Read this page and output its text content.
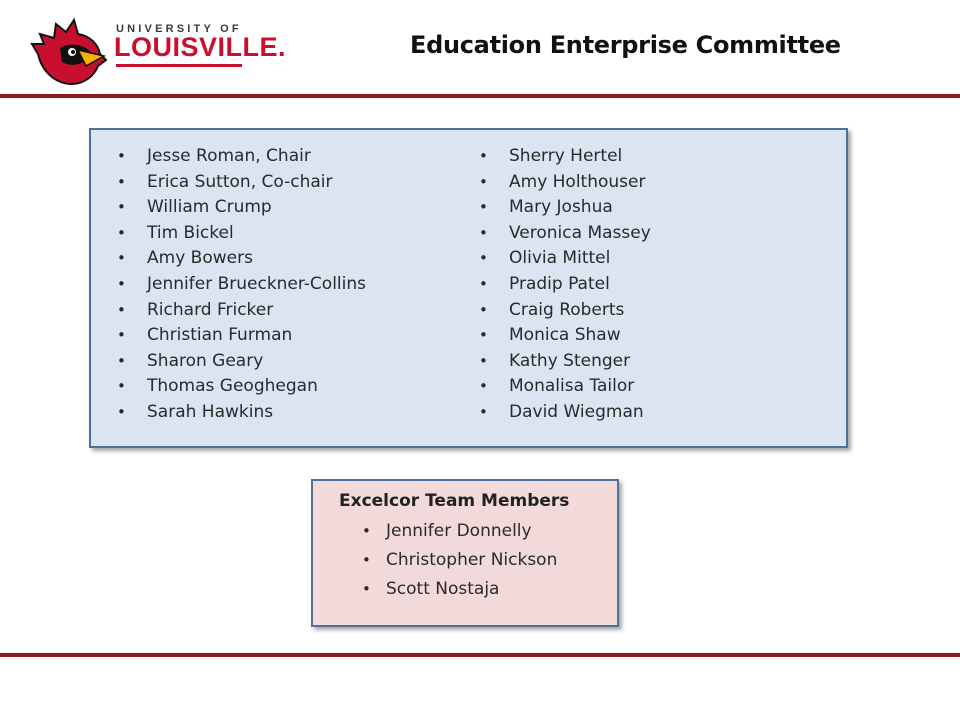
UNIVERSITY OF
LOUISVILLE.	Education Enterprise Committee
• Jesse Roman, Chair
• Erica Sutton, Co-chair
• William Crump
• Tim Bickel
• Amy Bowers
• Jennifer Brueckner-Collins
• Richard Fricker
• Christian Furman
• Sharon Geary
• Thomas Geoghegan
• Sarah Hawkins
• Sherry Hertel
• Amy Holthouser
• Mary Joshua
• Veronica Massey
• Olivia Mittel
• Pradip Patel
• Craig Roberts
• Monica Shaw
• Kathy Stenger
• Monalisa Tailor
• David Wiegman
Excelcor Team Members
• Jennifer Donnelly
• Christopher Nickson
• Scott Nostaja
